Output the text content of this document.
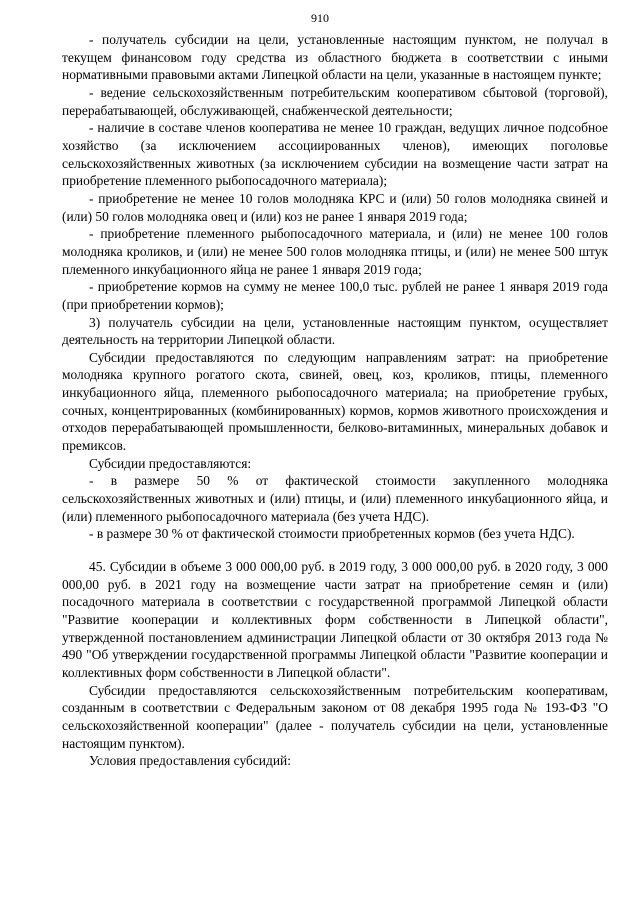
910

- получатель субсидии на цели, установленные настоящим пунктом, не получал в текущем финансовом году средства из областного бюджета в соответствии с иными нормативными правовыми актами Липецкой области на цели, указанные в настоящем пункте;

- ведение сельскохозяйственным потребительским кооперативом сбытовой (торговой), перерабатывающей, обслуживающей, снабженческой деятельности;

- наличие в составе членов кооператива не менее 10 граждан, ведущих личное подсобное хозяйство (за исключением ассоциированных членов), имеющих поголовье сельскохозяйственных животных (за исключением субсидии на возмещение части затрат на приобретение племенного рыбопосадочного материала);

- приобретение не менее 10 голов молодняка КРС и (или) 50 голов молодняка свиней и (или) 50 голов молодняка овец и (или) коз не ранее 1 января 2019 года;

- приобретение племенного рыбопосадочного материала, и (или) не менее 100 голов молодняка кроликов, и (или) не менее 500 голов молодняка птицы, и (или) не менее 500 штук племенного инкубационного яйца не ранее 1 января 2019 года;

- приобретение кормов на сумму не менее 100,0 тыс. рублей не ранее 1 января 2019 года (при приобретении кормов);

3) получатель субсидии на цели, установленные настоящим пунктом, осуществляет деятельность на территории Липецкой области.

Субсидии предоставляются по следующим направлениям затрат: на приобретение молодняка крупного рогатого скота, свиней, овец, коз, кроликов, птицы, племенного инкубационного яйца, племенного рыбопосадочного материала; на приобретение грубых, сочных, концентрированных (комбинированных) кормов, кормов животного происхождения и отходов перерабатывающей промышленности, белково-витаминных, минеральных добавок и премиксов.

Субсидии предоставляются:

- в размере 50 % от фактической стоимости закупленного молодняка сельскохозяйственных животных и (или) птицы, и (или) племенного инкубационного яйца, и (или) племенного рыбопосадочного материала (без учета НДС).

- в размере 30 % от фактической стоимости приобретенных кормов (без учета НДС).

45. Субсидии в объеме 3 000 000,00 руб. в 2019 году, 3 000 000,00 руб. в 2020 году, 3 000 000,00 руб. в 2021 году на возмещение части затрат на приобретение семян и (или) посадочного материала в соответствии с государственной программой Липецкой области "Развитие кооперации и коллективных форм собственности в Липецкой области", утвержденной постановлением администрации Липецкой области от 30 октября 2013 года № 490 "Об утверждении государственной программы Липецкой области "Развитие кооперации и коллективных форм собственности в Липецкой области".

Субсидии предоставляются сельскохозяйственным потребительским кооперативам, созданным в соответствии с Федеральным законом от 08 декабря 1995 года № 193-ФЗ "О сельскохозяйственной кооперации" (далее - получатель субсидии на цели, установленные настоящим пунктом).

Условия предоставления субсидий:
